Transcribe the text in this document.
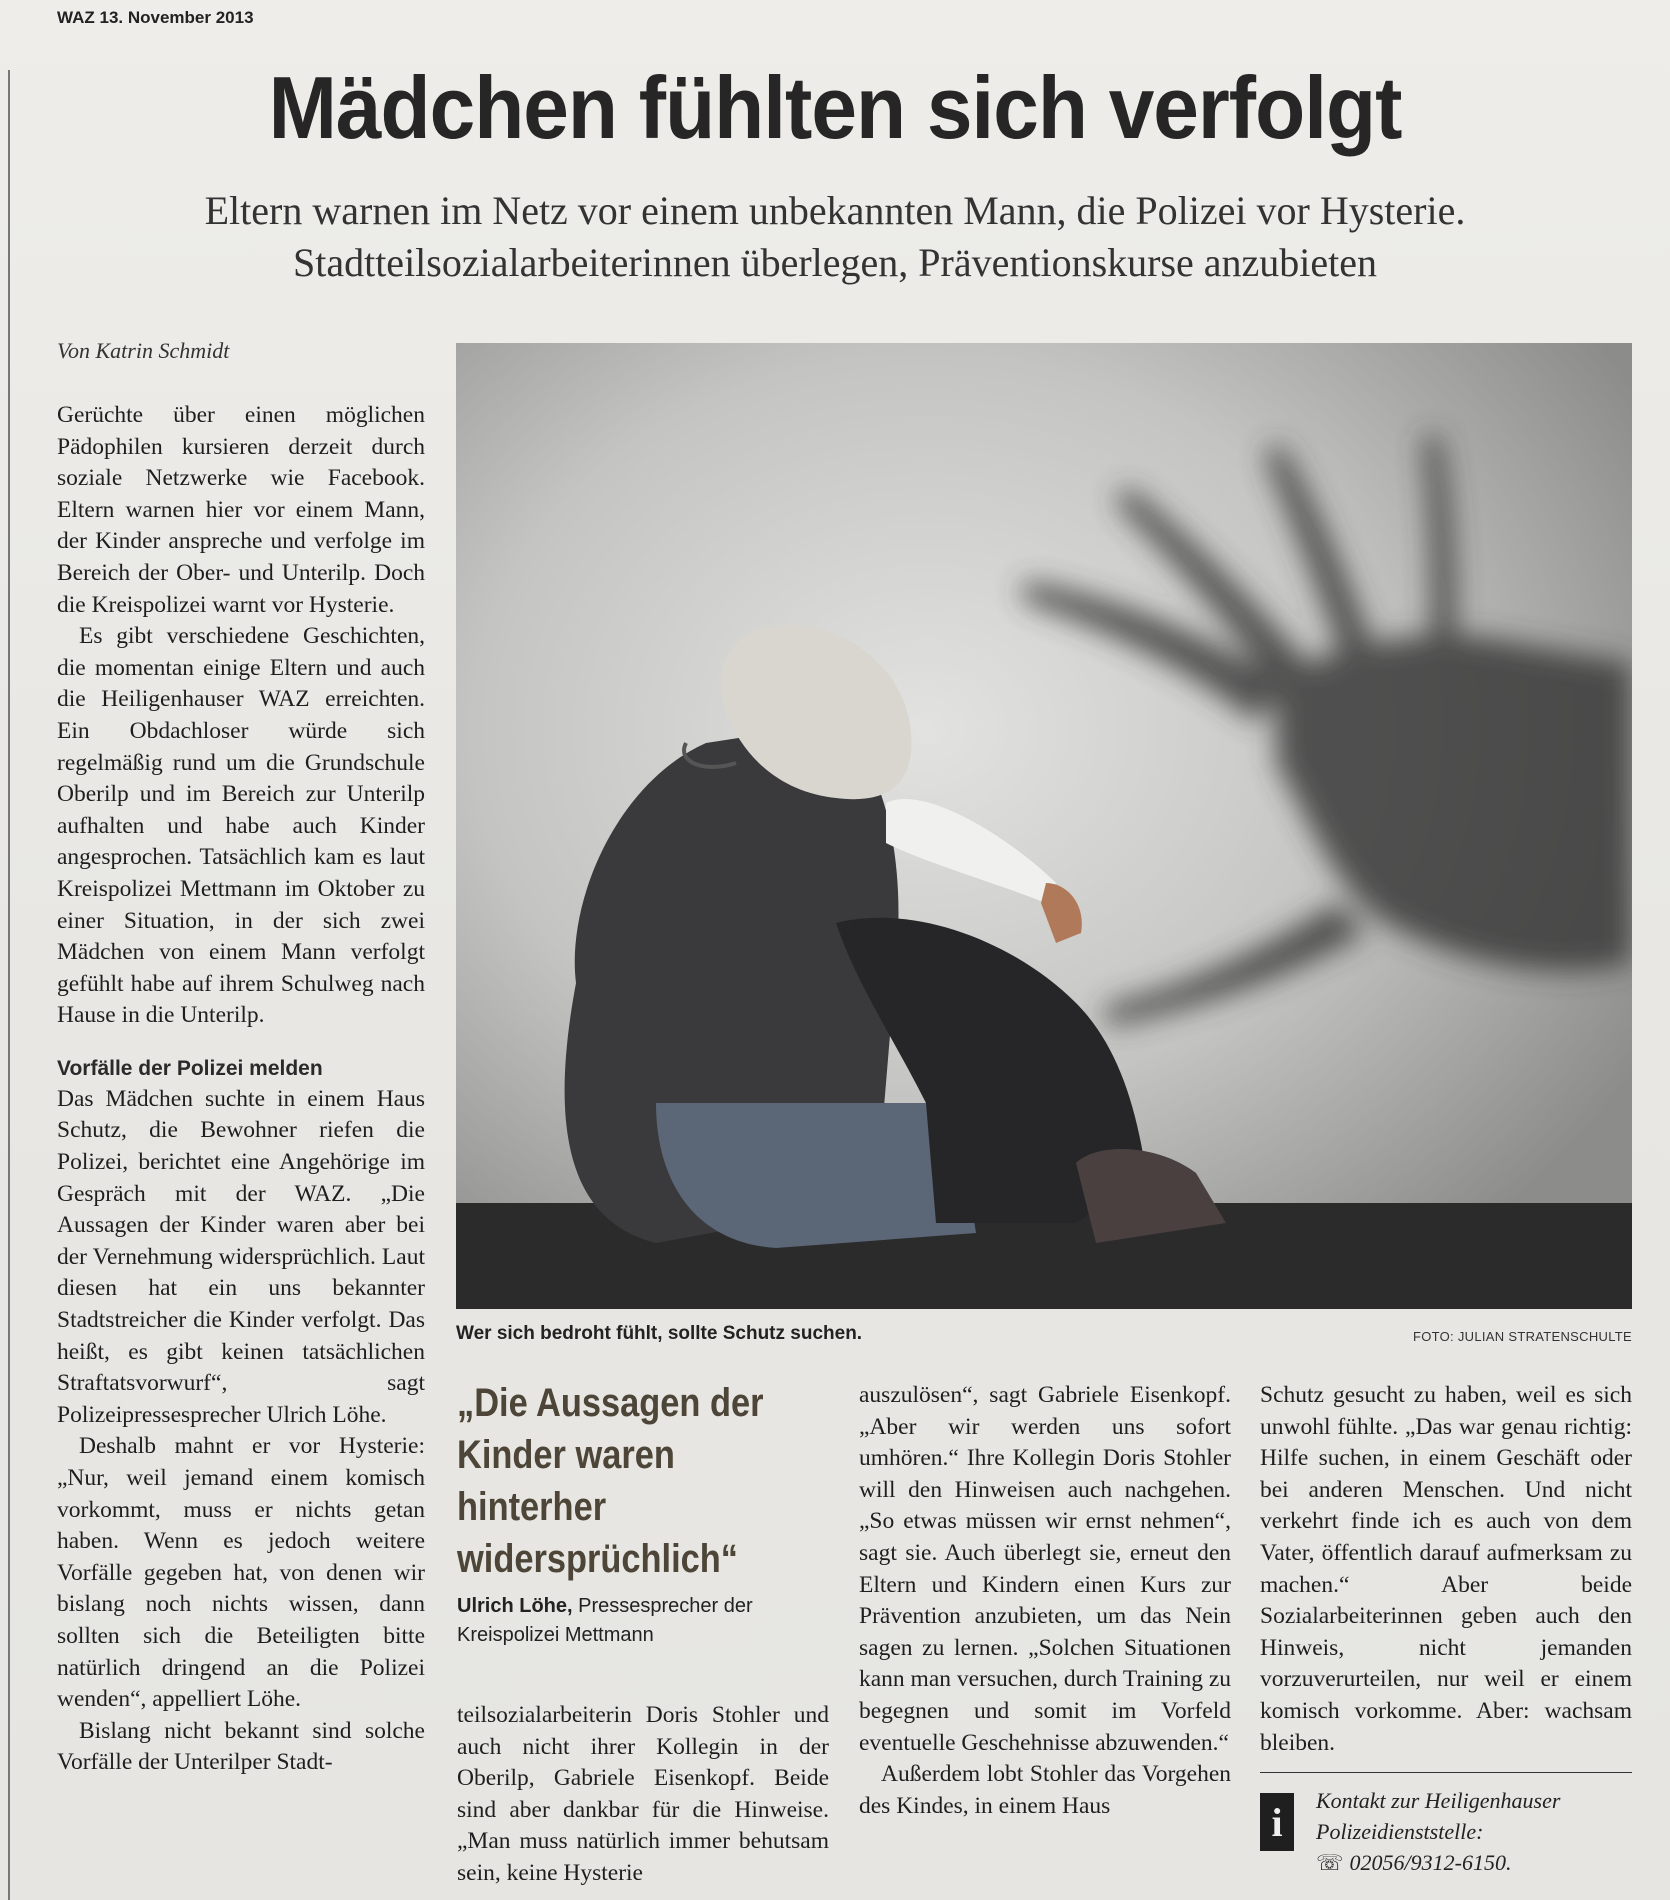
WAZ 13. November 2013
Mädchen fühlten sich verfolgt
Eltern warnen im Netz vor einem unbekannten Mann, die Polizei vor Hysterie.
Stadtteilsozialarbeiterinnen überlegen, Präventionskurse anzubieten
Von Katrin Schmidt

Gerüchte über einen möglichen Pädophilen kursieren derzeit durch soziale Netzwerke wie Facebook. Eltern warnen hier vor einem Mann, der Kinder anspreche und verfolge im Bereich der Ober- und Unterilp. Doch die Kreispolizei warnt vor Hysterie.

Es gibt verschiedene Geschichten, die momentan einige Eltern und auch die Heiligenhauser WAZ erreichten. Ein Obdachloser würde sich regelmäßig rund um die Grundschule Oberilp und im Bereich zur Unterilp aufhalten und habe auch Kinder angesprochen. Tatsächlich kam es laut Kreispolizei Mettmann im Oktober zu einer Situation, in der sich zwei Mädchen von einem Mann verfolgt gefühlt habe auf ihrem Schulweg nach Hause in die Unterilp.

Vorfälle der Polizei melden

Das Mädchen suchte in einem Haus Schutz, die Bewohner riefen die Polizei, berichtet eine Angehörige im Gespräch mit der WAZ. „Die Aussagen der Kinder waren aber bei der Vernehmung widersprüchlich. Laut diesen hat ein uns bekannter Stadtstreicher die Kinder verfolgt. Das heißt, es gibt keinen tatsächlichen Straftatsvorwurf“, sagt Polizeipressesprecher Ulrich Löhe.

Deshalb mahnt er vor Hysterie: „Nur, weil jemand einem komisch vorkommt, muss er nichts getan haben. Wenn es jedoch weitere Vorfälle gegeben hat, von denen wir bislang noch nichts wissen, dann sollten sich die Beteiligten bitte natürlich dringend an die Polizei wenden“, appelliert Löhe.

Bislang nicht bekannt sind solche Vorfälle der Unterilper Stadt-

Wer sich bedroht fühlt, sollte Schutz suchen.	FOTO: JULIAN STRATENSCHULTE
„Die Aussagen der Kinder waren hinterher widersprüchlich“
Ulrich Löhe, Pressesprecher der Kreispolizei Mettmann

teilsozialarbeiterin Doris Stohler und auch nicht ihrer Kollegin in der Oberilp, Gabriele Eisenkopf. Beide sind aber dankbar für die Hinweise. „Man muss natürlich immer behutsam sein, keine Hysterie

auszulösen“, sagt Gabriele Eisenkopf. „Aber wir werden uns sofort umhören.“ Ihre Kollegin Doris Stohler will den Hinweisen auch nachgehen. „So etwas müssen wir ernst nehmen“, sagt sie. Auch überlegt sie, erneut den Eltern und Kindern einen Kurs zur Prävention anzubieten, um das Nein sagen zu lernen. „Solchen Situationen kann man versuchen, durch Training zu begegnen und somit im Vorfeld eventuelle Geschehnisse abzuwenden.“

Außerdem lobt Stohler das Vorgehen des Kindes, in einem Haus

Schutz gesucht zu haben, weil es sich unwohl fühlte. „Das war genau richtig: Hilfe suchen, in einem Geschäft oder bei anderen Menschen. Und nicht verkehrt finde ich es auch von dem Vater, öffentlich darauf aufmerksam zu machen.“ Aber beide Sozialarbeiterinnen geben auch den Hinweis, nicht jemanden vorzuverurteilen, nur weil er einem komisch vorkomme. Aber: wachsam bleiben.

i	Kontakt zur Heiligenhauser
Polizeidienststelle:
☏ 02056/9312-6150.
